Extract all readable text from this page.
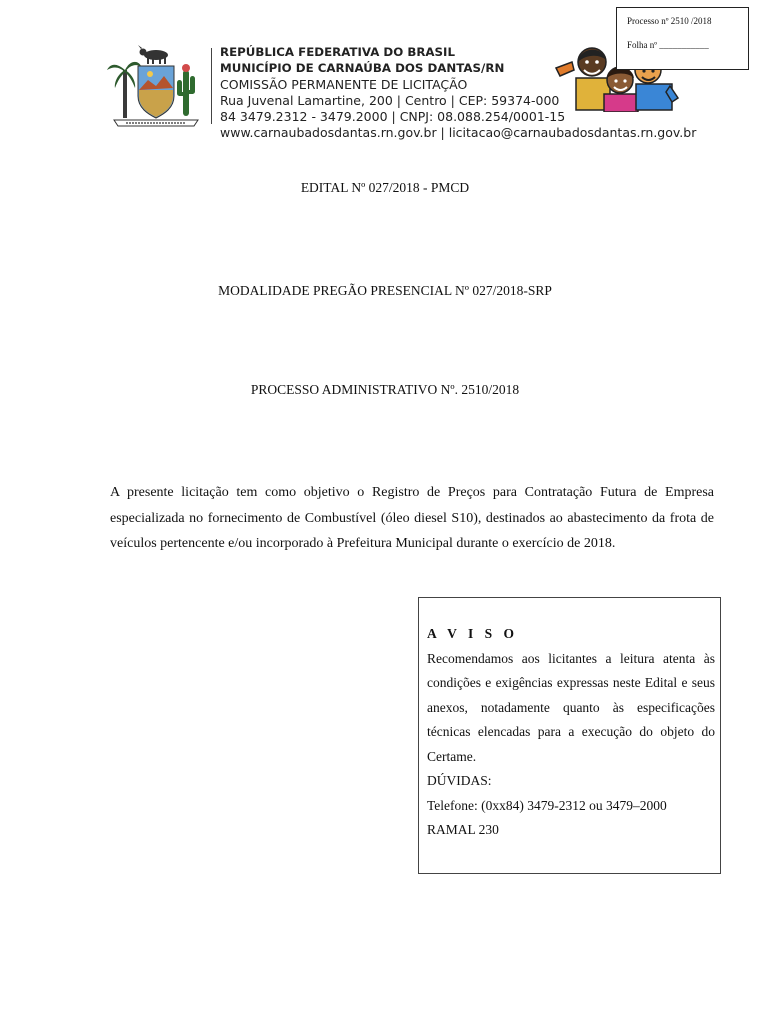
Processo nº 2510 /2018
Folha nº ___________
REPÚBLICA FEDERATIVA DO BRASIL
MUNICÍPIO DE CARNAÚBA DOS DANTAS/RN
COMISSÃO PERMANENTE DE LICITAÇÃO
Rua Juvenal Lamartine, 200 | Centro | CEP: 59374-000
84 3479.2312 - 3479.2000 | CNPJ: 08.088.254/0001-15
www.carnaubadosdantas.rn.gov.br | licitacao@carnaubadosdantas.rn.gov.br
EDITAL Nº 027/2018 - PMCD
MODALIDADE PREGÃO PRESENCIAL Nº 027/2018-SRP
PROCESSO ADMINISTRATIVO Nº. 2510/2018
A presente licitação tem como objetivo o Registro de Preços para Contratação Futura de Empresa especializada no fornecimento de Combustível (óleo diesel S10), destinados ao abastecimento da frota de veículos pertencente e/ou incorporado à Prefeitura Municipal durante o exercício de 2018.
A V I S O
Recomendamos aos licitantes a leitura atenta às condições e exigências expressas neste Edital e seus anexos, notadamente quanto às especificações técnicas elencadas para a execução do objeto do Certame.
DÚVIDAS:
Telefone: (0xx84) 3479-2312 ou 3479–2000
RAMAL 230
